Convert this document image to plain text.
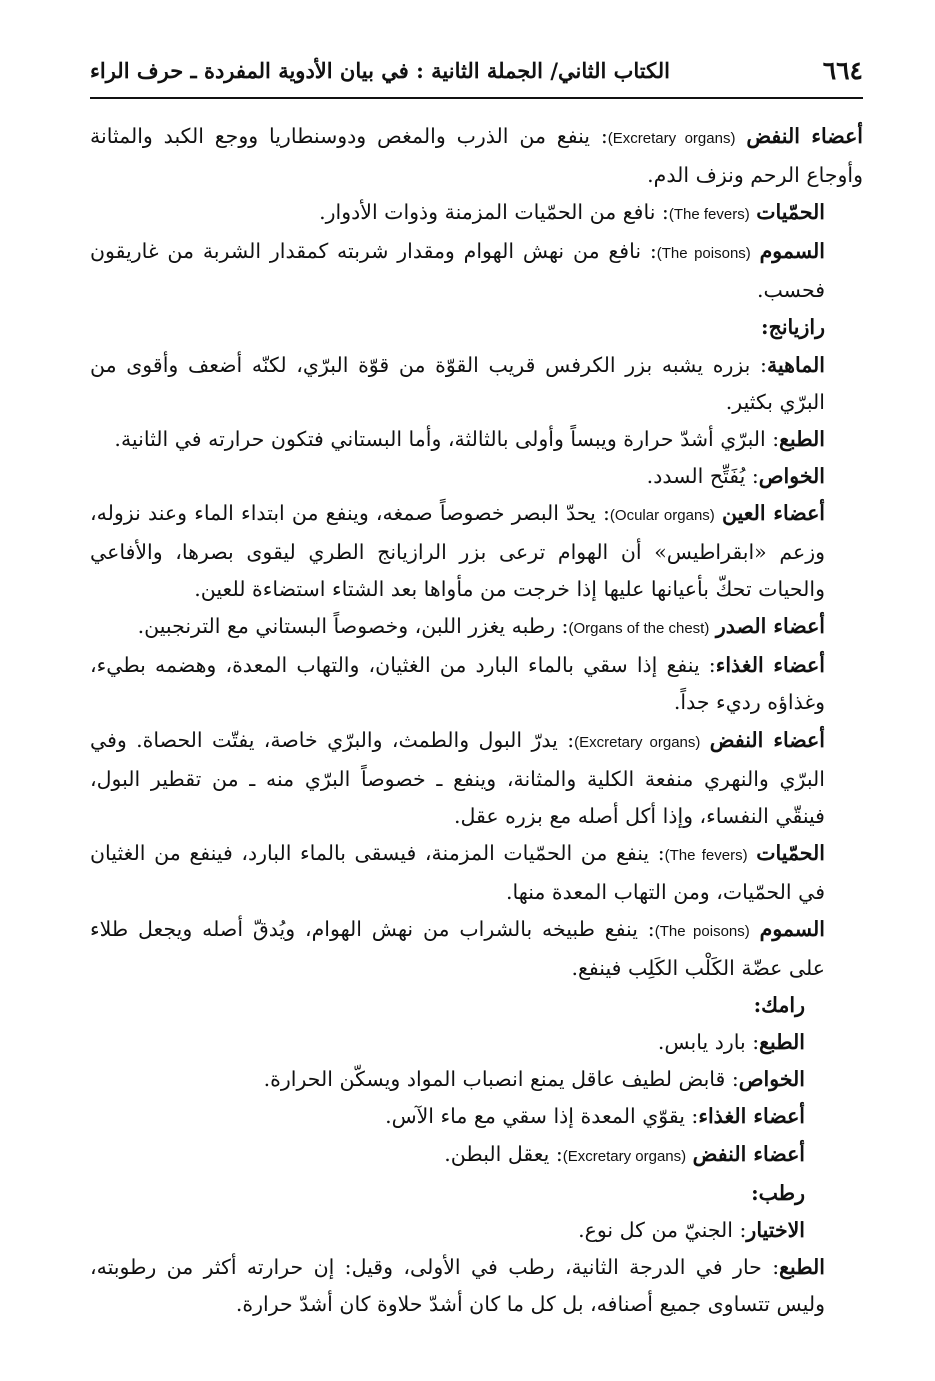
٦٦٤
الكتاب الثاني/ الجملة الثانية : في بيان الأدوية المفردة ـ حرف الراء

أعضاء النفض (Excretary organs): ينفع من الذرب والمغص ودوسنطاريا ووجع الكبد والمثانة وأوجاع الرحم ونزف الدم.

الحمّيات (The fevers): نافع من الحمّيات المزمنة وذوات الأدوار.

السموم (The poisons): نافع من نهش الهوام ومقدار شربته كمقدار الشربة من غاريقون فحسب.

رازيانج:

الماهية: بزره يشبه بزر الكرفس قريب القوّة من قوّة البرّي، لكنّه أضعف وأقوى من البرّي بكثير.

الطبع: البرّي أشدّ حرارة ويبساً وأولى بالثالثة، وأما البستاني فتكون حرارته في الثانية.

الخواص: يُفَتِّح السدد.

أعضاء العين (Ocular organs): يحدّ البصر خصوصاً صمغه، وينفع من ابتداء الماء وعند نزوله، وزعم «ابقراطيس» أن الهوام ترعى بزر الرازيانج الطري ليقوى بصرها، والأفاعي والحيات تحكّ بأعيانها عليها إذا خرجت من مأواها بعد الشتاء استضاءة للعين.

أعضاء الصدر (Organs of the chest): رطبه يغزر اللبن، وخصوصاً البستاني مع الترنجبين.

أعضاء الغذاء: ينفع إذا سقي بالماء البارد من الغثيان، والتهاب المعدة، وهضمه بطيء، وغذاؤه رديء جداً.

أعضاء النفض (Excretary organs): يدرّ البول والطمث، والبرّي خاصة، يفتّت الحصاة. وفي البرّي والنهري منفعة الكلية والمثانة، وينفع ـ خصوصاً البرّي منه ـ من تقطير البول، فينقّي النفساء، وإذا أكل أصله مع بزره عقل.

الحمّيات (The fevers): ينفع من الحمّيات المزمنة، فيسقى بالماء البارد، فينفع من الغثيان في الحمّيات، ومن التهاب المعدة منها.

السموم (The poisons): ينفع طبيخه بالشراب من نهش الهوام، ويُدقّ أصله ويجعل طلاء على عضّة الكَلْب الكَلِب فينفع.

رامك:

الطبع: بارد يابس.

الخواص: قابض لطيف عاقل يمنع انصباب المواد ويسكّن الحرارة.

أعضاء الغذاء: يقوّي المعدة إذا سقي مع ماء الآس.

أعضاء النفض (Excretary organs): يعقل البطن.

رطب:

الاختيار: الجنيّ من كل نوع.

الطبع: حار في الدرجة الثانية، رطب في الأولى، وقيل: إن حرارته أكثر من رطوبته، وليس تتساوى جميع أصنافه، بل كل ما كان أشدّ حلاوة كان أشدّ حرارة.
